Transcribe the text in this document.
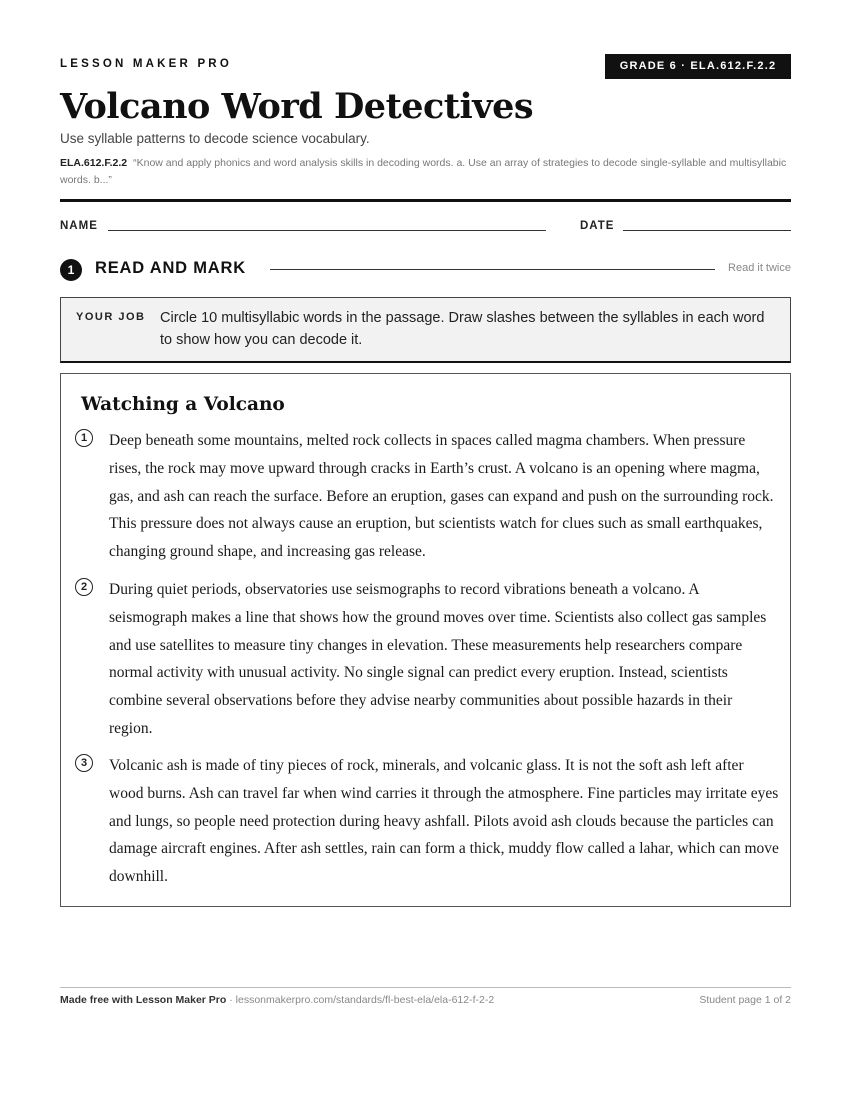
LESSON MAKER PRO	GRADE 6 · ELA.612.F.2.2
Volcano Word Detectives
Use syllable patterns to decode science vocabulary.
ELA.612.F.2.2 “Know and apply phonics and word analysis skills in decoding words. a. Use an array of strategies to decode single-syllable and multisyllabic words. b...”
NAME	DATE
1	READ AND MARK	Read it twice
YOUR JOB Circle 10 multisyllabic words in the passage. Draw slashes between the syllables in each word to show how you can decode it.
Watching a Volcano
1	Deep beneath some mountains, melted rock collects in spaces called magma chambers. When pressure rises, the rock may move upward through cracks in Earth’s crust. A volcano is an opening where magma, gas, and ash can reach the surface. Before an eruption, gases can expand and push on the surrounding rock. This pressure does not always cause an eruption, but scientists watch for clues such as small earthquakes, changing ground shape, and increasing gas release.

2	During quiet periods, observatories use seismographs to record vibrations beneath a volcano. A seismograph makes a line that shows how the ground moves over time. Scientists also collect gas samples and use satellites to measure tiny changes in elevation. These measurements help researchers compare normal activity with unusual activity. No single signal can predict every eruption. Instead, scientists combine several observations before they advise nearby communities about possible hazards in their region.

3	Volcanic ash is made of tiny pieces of rock, minerals, and volcanic glass. It is not the soft ash left after wood burns. Ash can travel far when wind carries it through the atmosphere. Fine particles may irritate eyes and lungs, so people need protection during heavy ashfall. Pilots avoid ash clouds because the particles can damage aircraft engines. After ash settles, rain can form a thick, muddy flow called a lahar, which can move downhill.

Made free with Lesson Maker Pro · lessonmakerpro.com/standards/fl-best-ela/ela-612-f-2-2	Student page 1 of 2
